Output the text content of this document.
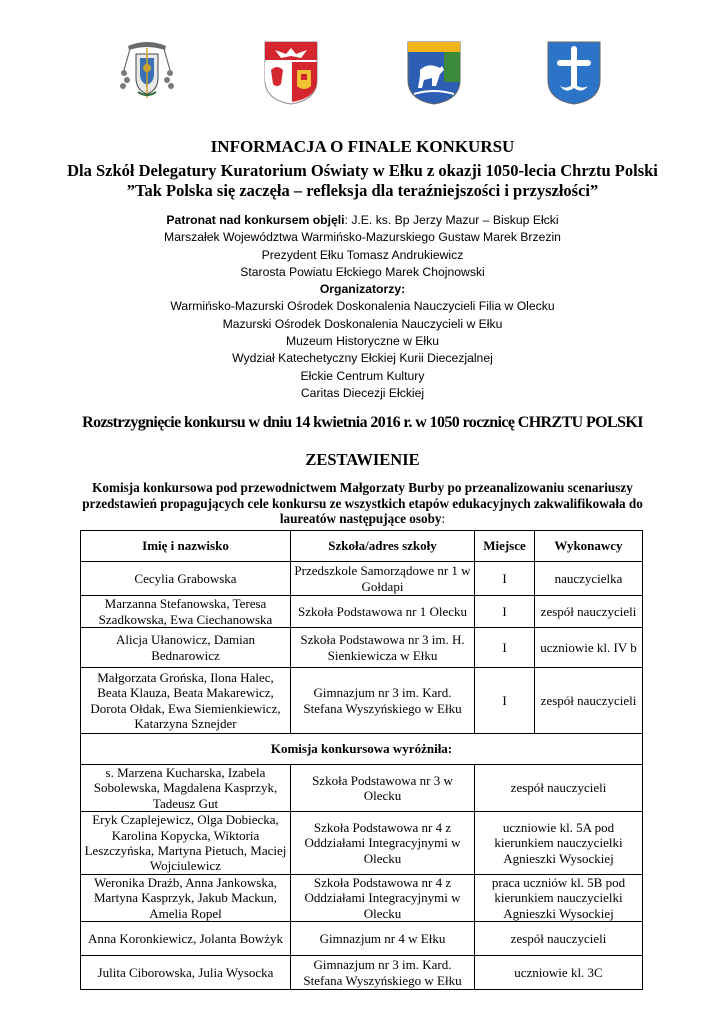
INFORMACJA O FINALE KONKURSU
Dla Szkół Delegatury Kuratorium Oświaty w Ełku z okazji 1050-lecia Chrztu Polski
”Tak Polska się zaczęła – refleksja dla teraźniejszości i przyszłości”
Patronat nad konkursem objęli: J.E. ks. Bp Jerzy Mazur – Biskup Ełcki
Marszałek Województwa Warmińsko-Mazurskiego Gustaw Marek Brzezin
Prezydent Ełku Tomasz Andrukiewicz
Starosta Powiatu Ełckiego Marek Chojnowski
Organizatorzy:
Warmińsko-Mazurski Ośrodek Doskonalenia Nauczycieli Filia w Olecku
Mazurski Ośrodek Doskonalenia Nauczycieli w Ełku
Muzeum Historyczne w Ełku
Wydział Katechetyczny Ełckiej Kurii Diecezjalnej
Ełckie Centrum Kultury
Caritas Diecezji Ełckiej
Rozstrzygnięcie konkursu w dniu 14 kwietnia 2016 r. w 1050 rocznicę CHRZTU POLSKI
ZESTAWIENIE
Komisja konkursowa pod przewodnictwem Małgorzaty Burby po przeanalizowaniu scenariuszy przedstawień propagujących cele konkursu ze wszystkich etapów edukacyjnych zakwalifikowała do laureatów następujące osoby:
Imię i nazwisko	Szkoła/adres szkoły	Miejsce	Wykonawcy
Cecylia Grabowska	Przedszkole Samorządowe nr 1 w Gołdapi	I	nauczycielka
Marzanna Stefanowska, Teresa Szadkowska, Ewa Ciechanowska	Szkoła Podstawowa nr 1 Olecku	I	zespół nauczycieli
Alicja Ułanowicz, Damian Bednarowicz	Szkoła Podstawowa nr 3 im. H. Sienkiewicza w Ełku	I	uczniowie kl. IV b
Małgorzata Grońska, Ilona Halec, Beata Klauza, Beata Makarewicz, Dorota Ołdak, Ewa Siemienkiewicz, Katarzyna Sznejder	Gimnazjum nr 3 im. Kard. Stefana Wyszyńskiego w Ełku	I	zespół nauczycieli
Komisja konkursowa wyróżniła:			
s. Marzena Kucharska, Izabela Sobolewska, Magdalena Kasprzyk, Tadeusz Gut	Szkoła Podstawowa nr 3 w Olecku	zespół nauczycieli	
Eryk Czaplejewicz, Olga Dobiecka, Karolina Kopycka, Wiktoria Leszczyńska, Martyna Pietuch, Maciej Wojciulewicz	Szkoła Podstawowa nr 4 z Oddziałami Integracyjnymi w Olecku	uczniowie kl. 5A pod kierunkiem nauczycielki Agnieszki Wysockiej	
Weronika Drażb, Anna Jankowska, Martyna Kasprzyk, Jakub Mackun, Amelia Ropel	Szkoła Podstawowa nr 4 z Oddziałami Integracyjnymi w Olecku	praca uczniów kl. 5B pod kierunkiem nauczycielki Agnieszki Wysockiej	
Anna Koronkiewicz, Jolanta Bowżyk	Gimnazjum nr 4 w Ełku	zespół nauczycieli	
Julita Ciborowska, Julia Wysocka	Gimnazjum nr 3 im. Kard. Stefana Wyszyńskiego w Ełku	uczniowie kl. 3C	
